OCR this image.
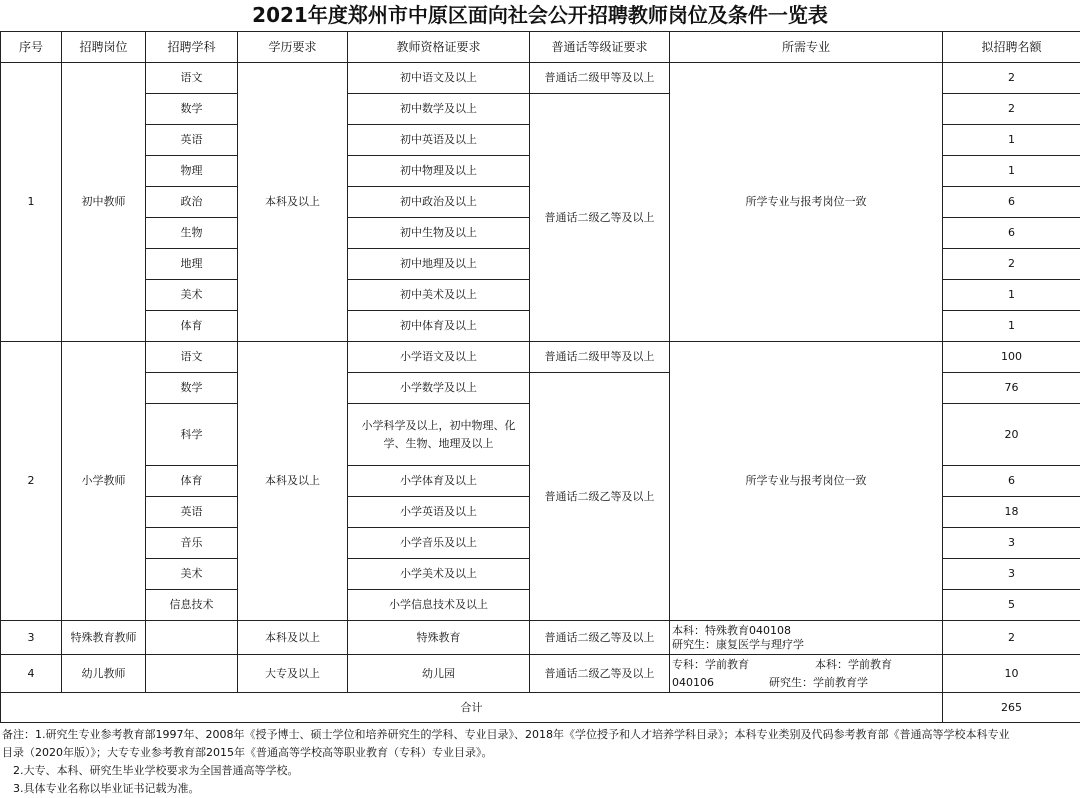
2021年度郑州市中原区面向社会公开招聘教师岗位及条件一览表
序号	招聘岗位	招聘学科	学历要求	教师资格证要求	普通话等级证要求	所需专业	拟招聘名额
1	初中教师	语文	本科及以上	初中语文及以上	普通话二级甲等及以上	所学专业与报考岗位一致	2
		数学		初中数学及以上	普通话二级乙等及以上		2
		英语		初中英语及以上			1
		物理		初中物理及以上			1
		政治		初中政治及以上			6
		生物		初中生物及以上			6
		地理		初中地理及以上			2
		美术		初中美术及以上			1
		体育		初中体育及以上			1
2	小学教师	语文	本科及以上	小学语文及以上	普通话二级甲等及以上	所学专业与报考岗位一致	100
		数学		小学数学及以上	普通话二级乙等及以上		76
		科学		小学科学及以上，初中物理、化学、生物、地理及以上			20
		体育		小学体育及以上			6
		英语		小学英语及以上			18
		音乐		小学音乐及以上			3
		美术		小学美术及以上			3
		信息技术		小学信息技术及以上			5
3	特殊教育教师		本科及以上	特殊教育	普通话二级乙等及以上	本科：特殊教育040108
研究生：康复医学与理疗学	2
4	幼儿教师		大专及以上	幼儿园	普通话二级乙等及以上	专科：学前教育　　　　　　本科：学前教育
040106　　　　　研究生：学前教育学	10
合计							265
备注：1.研究生专业参考教育部1997年、2008年《授予博士、硕士学位和培养研究生的学科、专业目录》、2018年《学位授予和人才培养学科目录》；本科专业类别及代码参考教育部《普通高等学校本科专业
目录（2020年版）》；大专专业参考教育部2015年《普通高等学校高等职业教育（专科）专业目录》。
　2.大专、本科、研究生毕业学校要求为全国普通高等学校。
　3.具体专业名称以毕业证书记载为准。
